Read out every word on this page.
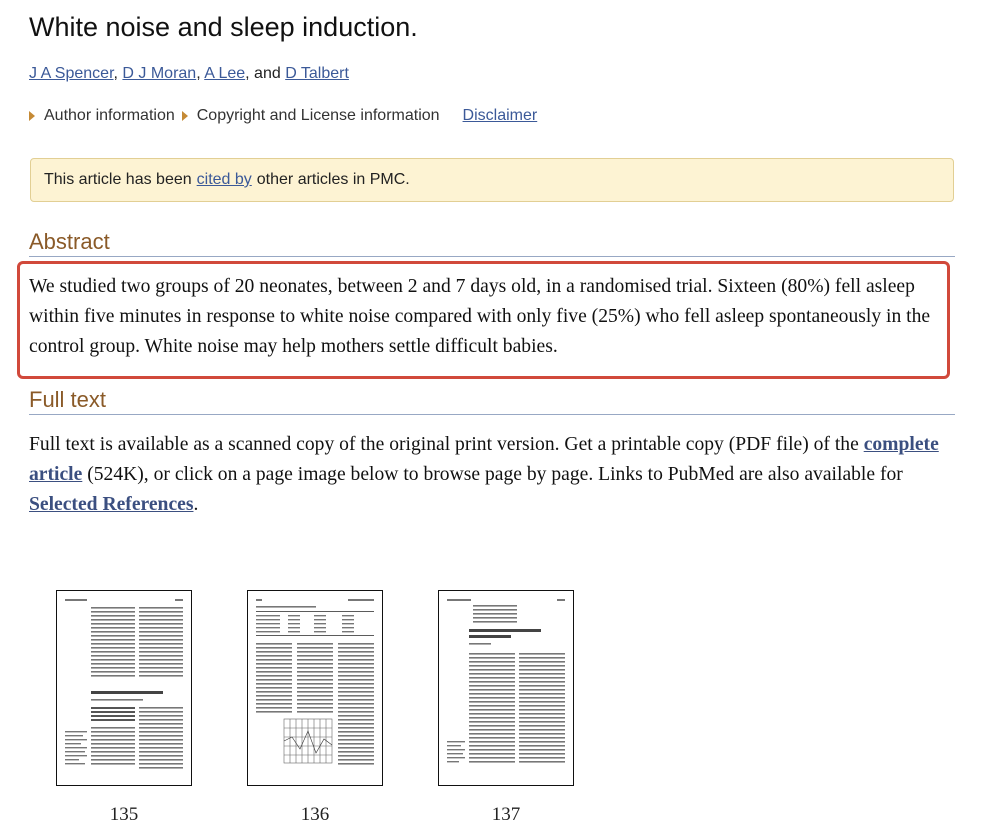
White noise and sleep induction.
J A Spencer, D J Moran, A Lee, and D Talbert
Author information Copyright and License information Disclaimer
This article has been cited by other articles in PMC.
Abstract
We studied two groups of 20 neonates, between 2 and 7 days old, in a randomised trial. Sixteen (80%) fell asleep within five minutes in response to white noise compared with only five (25%) who fell asleep spontaneously in the control group. White noise may help mothers settle difficult babies.
Full text
Full text is available as a scanned copy of the original print version. Get a printable copy (PDF file) of the complete article (524K), or click on a page image below to browse page by page. Links to PubMed are also available for Selected References.
135	136	137
